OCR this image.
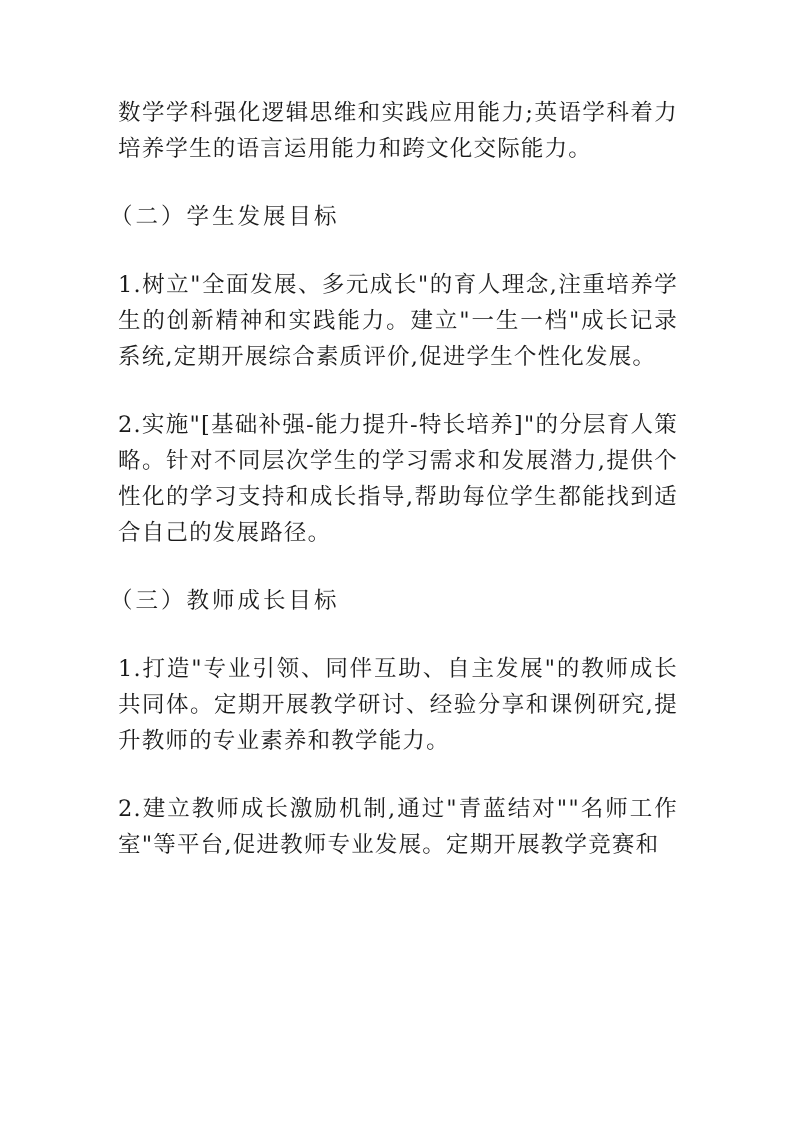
数学学科强化逻辑思维和实践应用能力;英语学科着力培养学生的语言运用能力和跨文化交际能力。

（二）学生发展目标

1.树立"全面发展、多元成长"的育人理念,注重培养学生的创新精神和实践能力。建立"一生一档"成长记录系统,定期开展综合素质评价,促进学生个性化发展。

2.实施"[基础补强-能力提升-特长培养]"的分层育人策略。针对不同层次学生的学习需求和发展潜力,提供个性化的学习支持和成长指导,帮助每位学生都能找到适合自己的发展路径。

（三）教师成长目标

1.打造"专业引领、同伴互助、自主发展"的教师成长共同体。定期开展教学研讨、经验分享和课例研究,提升教师的专业素养和教学能力。

2.建立教师成长激励机制,通过"青蓝结对""名师工作室"等平台,促进教师专业发展。定期开展教学竞赛和
